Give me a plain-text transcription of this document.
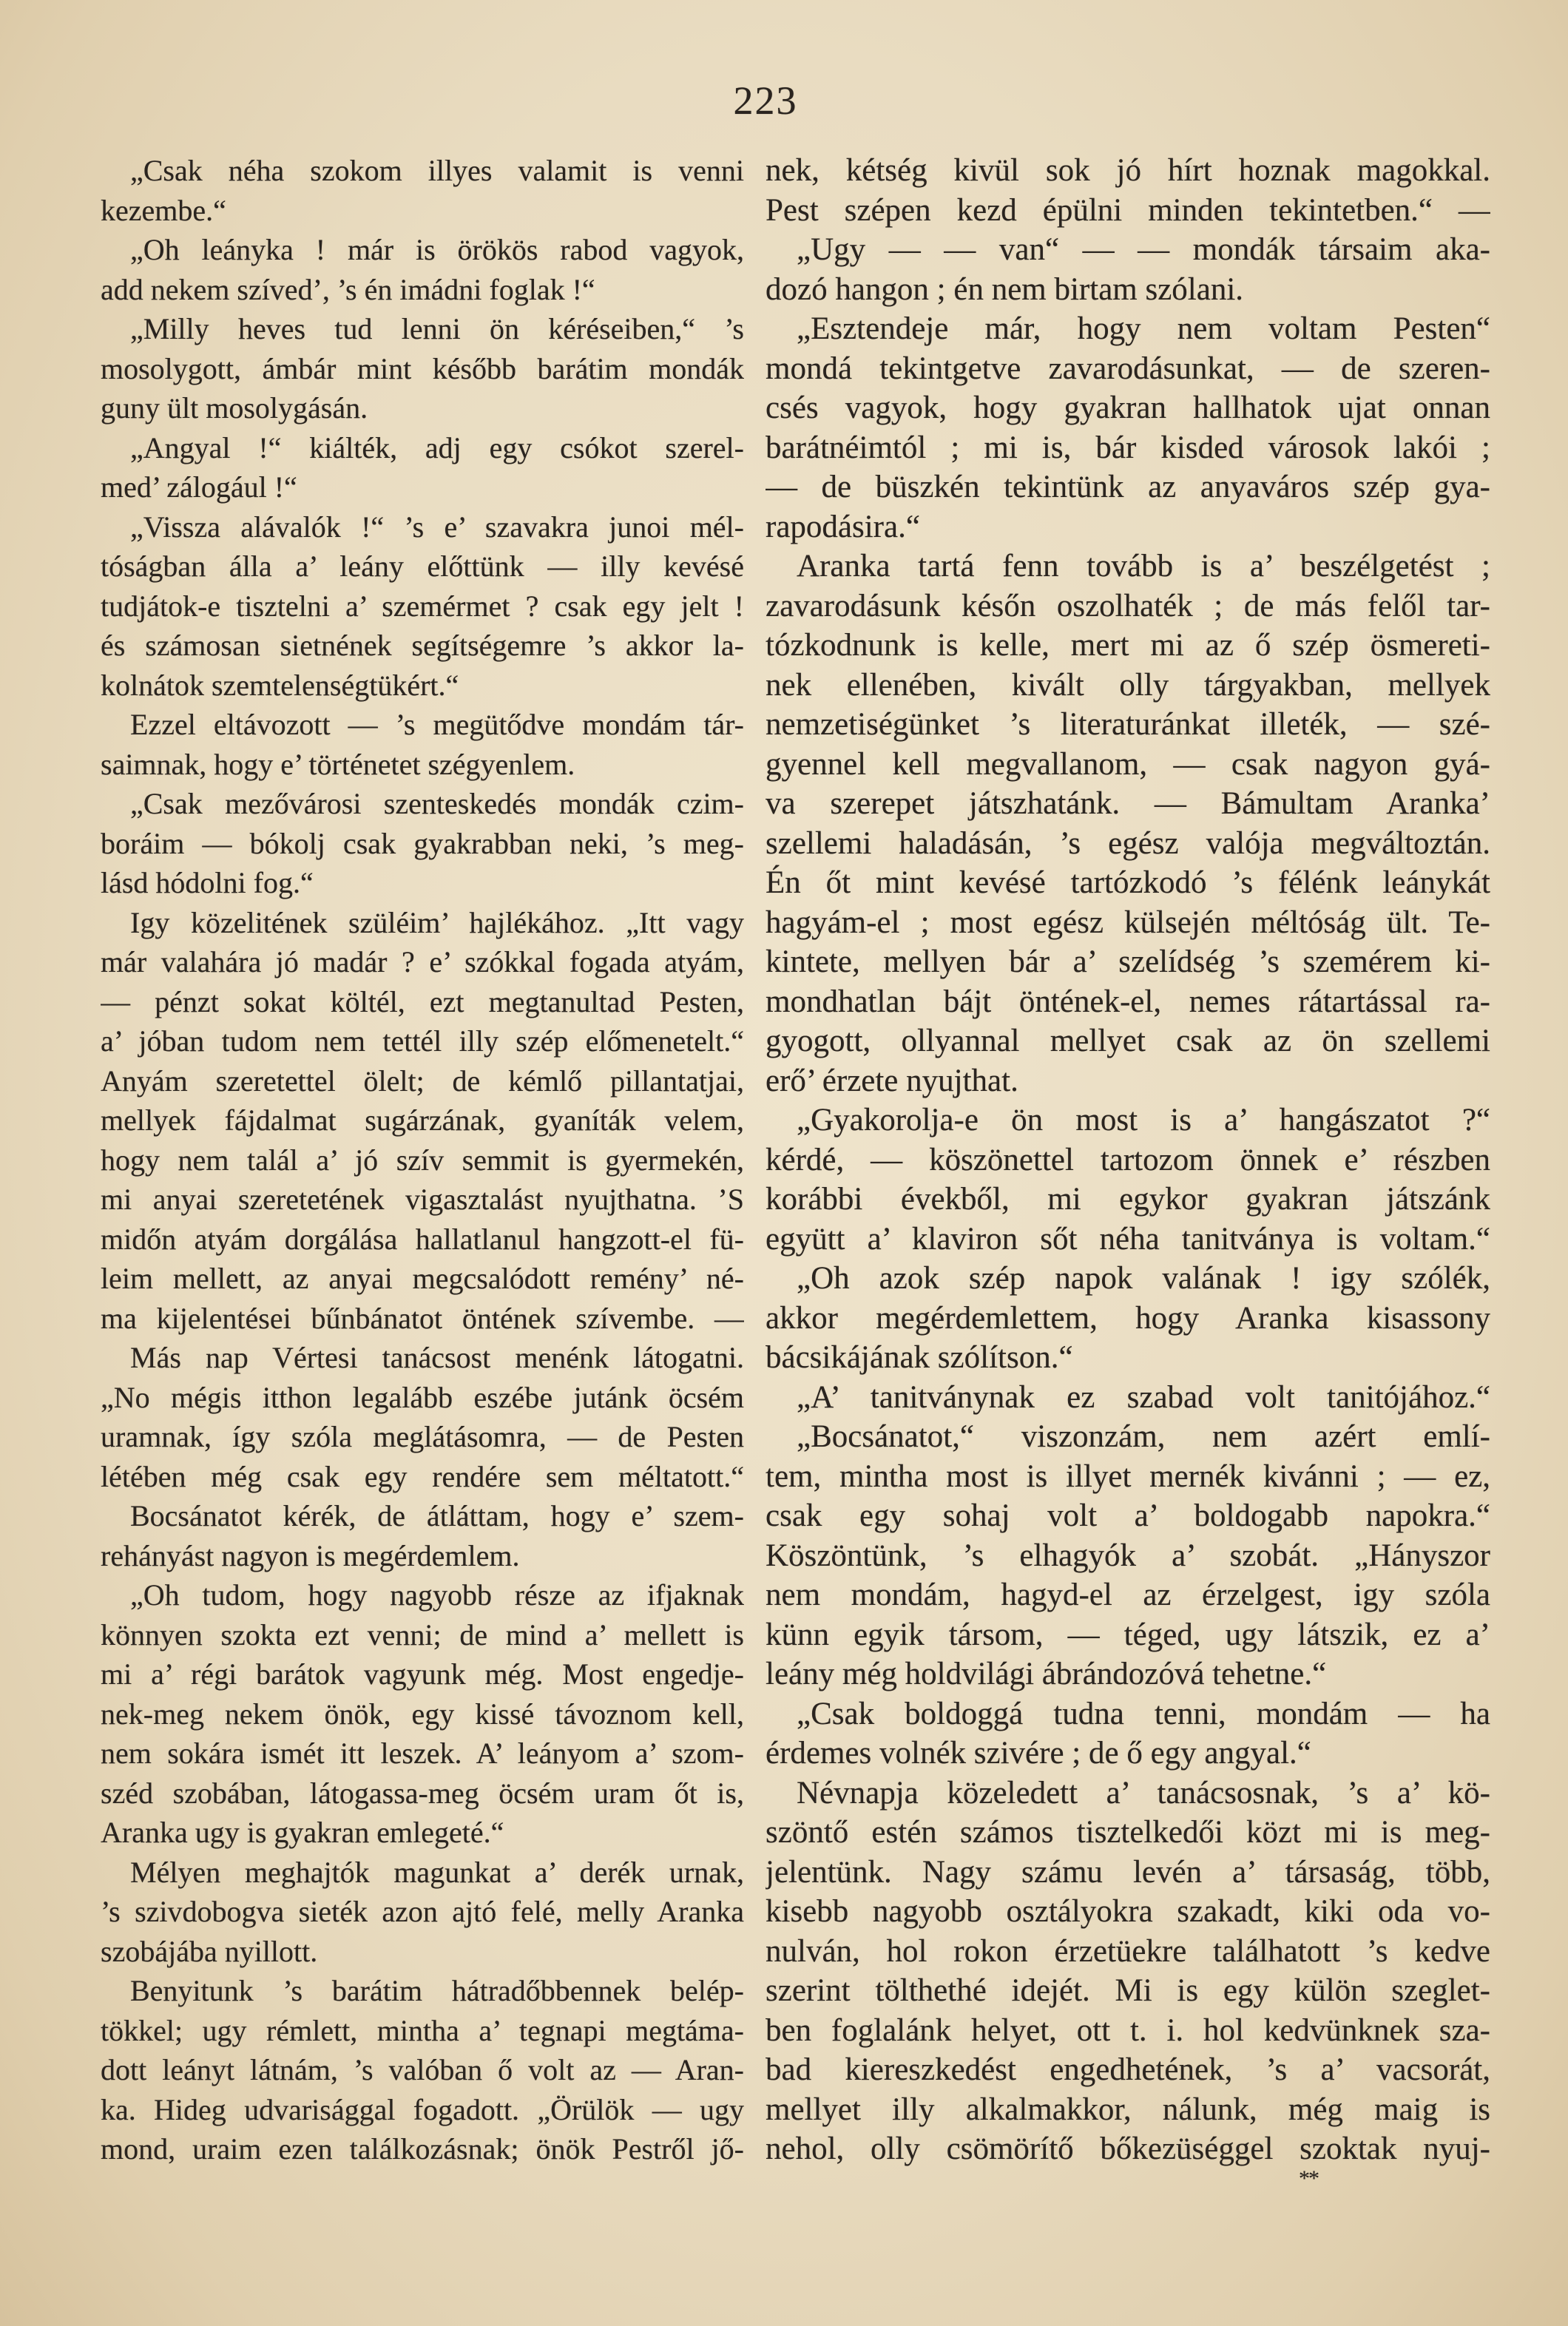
223
„Csak néha szokom illyes valamit is venni
kezembe.“
„Oh leányka ! már is örökös rabod vagyok,
add nekem szíved’, ’s én imádni foglak !“
„Milly heves tud lenni ön kéréseiben,“ ’s
mosolygott, ámbár mint később barátim mondák
guny ült mosolygásán.
„Angyal !“ kiálték, adj egy csókot szerel-
med’ zálogául !“
„Vissza alávalók !“ ’s e’ szavakra junoi mél-
tóságban álla a’ leány előttünk — illy kevésé
tudjátok-e tisztelni a’ szemérmet ? csak egy jelt !
és számosan sietnének segítségemre ’s akkor la-
kolnátok szemtelenségtükért.“
Ezzel eltávozott — ’s megütődve mondám tár-
saimnak, hogy e’ történetet szégyenlem.
„Csak mezővárosi szenteskedés mondák czim-
boráim — bókolj csak gyakrabban neki, ’s meg-
lásd hódolni fog.“
Igy közelitének szüléim’ hajlékához. „Itt vagy
már valahára jó madár ? e’ szókkal fogada atyám,
— pénzt sokat költél, ezt megtanultad Pesten,
a’ jóban tudom nem tettél illy szép előmenetelt.“
Anyám szeretettel ölelt; de kémlő pillantatjai,
mellyek fájdalmat sugárzának, gyaníták velem,
hogy nem talál a’ jó szív semmit is gyermekén,
mi anyai szeretetének vigasztalást nyujthatna. ’S
midőn atyám dorgálása hallatlanul hangzott-el fü-
leim mellett, az anyai megcsalódott remény’ né-
ma kijelentései bűnbánatot öntének szívembe. —
Más nap Vértesi tanácsost menénk látogatni.
„No mégis itthon legalább eszébe jutánk öcsém
uramnak, így szóla meglátásomra, — de Pesten
létében még csak egy rendére sem méltatott.“
Bocsánatot kérék, de átláttam, hogy e’ szem-
rehányást nagyon is megérdemlem.
„Oh tudom, hogy nagyobb része az ifjaknak
könnyen szokta ezt venni; de mind a’ mellett is
mi a’ régi barátok vagyunk még. Most engedje-
nek-meg nekem önök, egy kissé távoznom kell,
nem sokára ismét itt leszek. A’ leányom a’ szom-
széd szobában, látogassa-meg öcsém uram őt is,
Aranka ugy is gyakran emlegeté.“
Mélyen meghajtók magunkat a’ derék urnak,
’s szivdobogva sieték azon ajtó felé, melly Aranka
szobájába nyillott.
Benyitunk ’s barátim hátradőbbennek belép-
tökkel; ugy rémlett, mintha a’ tegnapi megtáma-
dott leányt látnám, ’s valóban ő volt az — Aran-
ka. Hideg udvarisággal fogadott. „Örülök — ugy
mond, uraim ezen találkozásnak; önök Pestről jő-
nek, kétség kivül sok jó hírt hoznak magokkal.
Pest szépen kezd épülni minden tekintetben.“ —
„Ugy — — van“ — — mondák társaim aka-
dozó hangon ; én nem birtam szólani.
„Esztendeje már, hogy nem voltam Pesten“
mondá tekintgetve zavarodásunkat, — de szeren-
csés vagyok, hogy gyakran hallhatok ujat onnan
barátnéimtól ; mi is, bár kisded városok lakói ;
— de büszkén tekintünk az anyaváros szép gya-
rapodásira.“
Aranka tartá fenn tovább is a’ beszélgetést ;
zavarodásunk későn oszolhaték ; de más felől tar-
tózkodnunk is kelle, mert mi az ő szép ösmereti-
nek ellenében, kivált olly tárgyakban, mellyek
nemzetiségünket ’s literaturánkat illeték, — szé-
gyennel kell megvallanom, — csak nagyon gyá-
va szerepet játszhatánk. — Bámultam Aranka’
szellemi haladásán, ’s egész valója megváltoztán.
Én őt mint kevésé tartózkodó ’s félénk leánykát
hagyám-el ; most egész külsején méltóság ült. Te-
kintete, mellyen bár a’ szelídség ’s szemérem ki-
mondhatlan bájt öntének-el, nemes rátartással ra-
gyogott, ollyannal mellyet csak az ön szellemi
erő’ érzete nyujthat.
„Gyakorolja-e ön most is a’ hangászatot ?“
kérdé, — köszönettel tartozom önnek e’ részben
korábbi évekből, mi egykor gyakran játszánk
együtt a’ klaviron sőt néha tanitványa is voltam.“
„Oh azok szép napok valának ! igy szólék,
akkor megérdemlettem, hogy Aranka kisassony
bácsikájának szólítson.“
„A’ tanitványnak ez szabad volt tanitójához.“
„Bocsánatot,“ viszonzám, nem azért emlí-
tem, mintha most is illyet mernék kivánni ; — ez,
csak egy sohaj volt a’ boldogabb napokra.“
Köszöntünk, ’s elhagyók a’ szobát. „Hányszor
nem mondám, hagyd-el az érzelgest, igy szóla
künn egyik társom, — téged, ugy látszik, ez a’
leány még holdvilági ábrándozóvá tehetne.“
„Csak boldoggá tudna tenni, mondám — ha
érdemes volnék szivére ; de ő egy angyal.“
Névnapja közeledett a’ tanácsosnak, ’s a’ kö-
szöntő estén számos tisztelkedői közt mi is meg-
jelentünk. Nagy számu levén a’ társaság, több,
kisebb nagyobb osztályokra szakadt, kiki oda vo-
nulván, hol rokon érzetüekre találhatott ’s kedve
szerint tölthethé idejét. Mi is egy külön szeglet-
ben foglalánk helyet, ott t. i. hol kedvünknek sza-
bad kiereszkedést engedhetének, ’s a’ vacsorát,
mellyet illy alkalmakkor, nálunk, még maig is
nehol, olly csömörítő bőkezüséggel szoktak nyuj-
**
